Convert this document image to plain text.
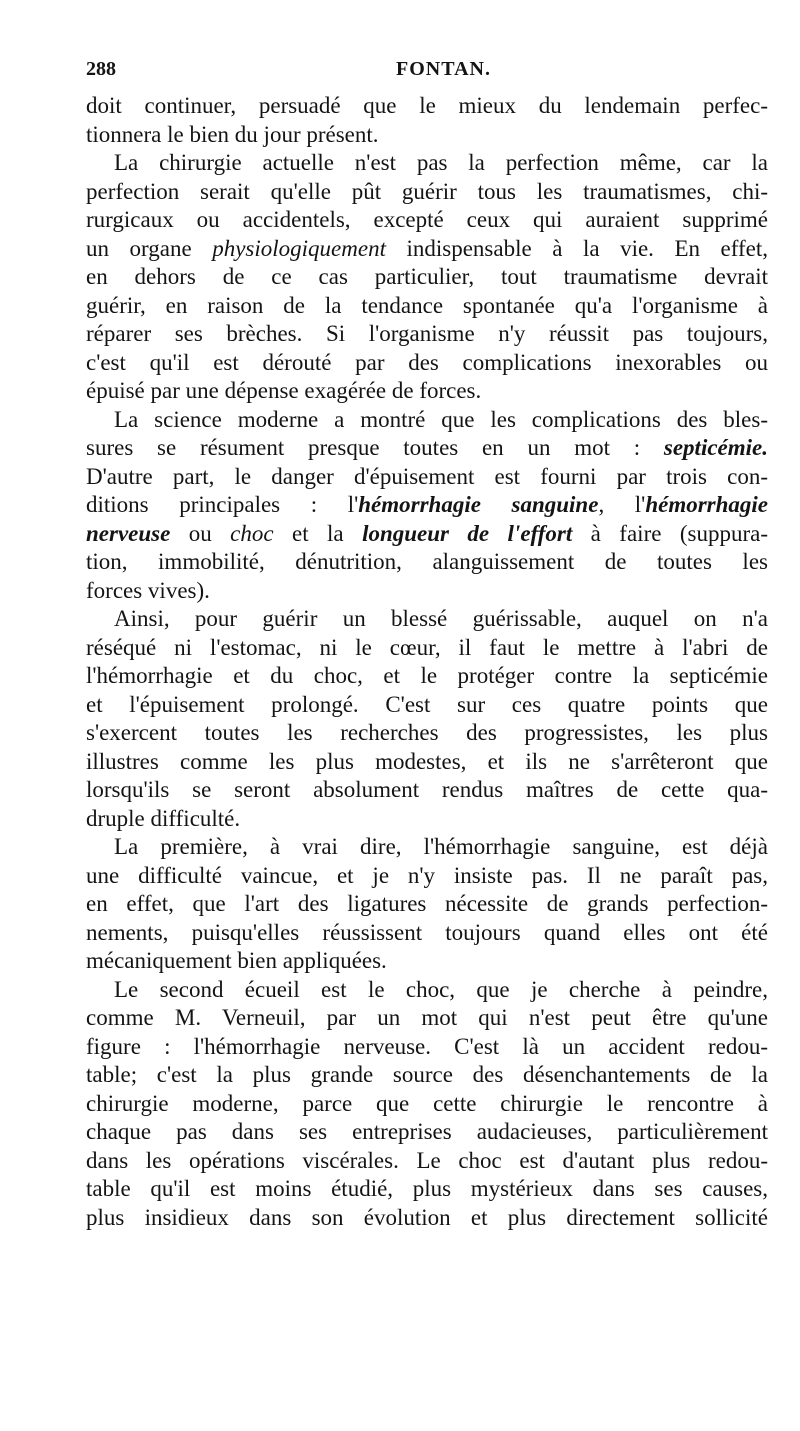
288	FONTAN.
doit continuer, persuadé que le mieux du lendemain perfec-
tionnera le bien du jour présent.
La chirurgie actuelle n'est pas la perfection même, car la
perfection serait qu'elle pût guérir tous les traumatismes, chi-
rurgicaux ou accidentels, excepté ceux qui auraient supprimé
un organe physiologiquement indispensable à la vie. En effet,
en dehors de ce cas particulier, tout traumatisme devrait
guérir, en raison de la tendance spontanée qu'a l'organisme à
réparer ses brèches. Si l'organisme n'y réussit pas toujours,
c'est qu'il est dérouté par des complications inexorables ou
épuisé par une dépense exagérée de forces.
La science moderne a montré que les complications des bles-
sures se résument presque toutes en un mot : septicémie.
D'autre part, le danger d'épuisement est fourni par trois con-
ditions principales : l'hémorrhagie sanguine, l'hémorrhagie
nerveuse ou choc et la longueur de l'effort à faire (suppura-
tion, immobilité, dénutrition, alanguissement de toutes les
forces vives).
Ainsi, pour guérir un blessé guérissable, auquel on n'a
réséqué ni l'estomac, ni le cœur, il faut le mettre à l'abri de
l'hémorrhagie et du choc, et le protéger contre la septicémie
et l'épuisement prolongé. C'est sur ces quatre points que
s'exercent toutes les recherches des progressistes, les plus
illustres comme les plus modestes, et ils ne s'arrêteront que
lorsqu'ils se seront absolument rendus maîtres de cette qua-
druple difficulté.
La première, à vrai dire, l'hémorrhagie sanguine, est déjà
une difficulté vaincue, et je n'y insiste pas. Il ne paraît pas,
en effet, que l'art des ligatures nécessite de grands perfection-
nements, puisqu'elles réussissent toujours quand elles ont été
mécaniquement bien appliquées.
Le second écueil est le choc, que je cherche à peindre,
comme M. Verneuil, par un mot qui n'est peut être qu'une
figure : l'hémorrhagie nerveuse. C'est là un accident redou-
table; c'est la plus grande source des désenchantements de la
chirurgie moderne, parce que cette chirurgie le rencontre à
chaque pas dans ses entreprises audacieuses, particulièrement
dans les opérations viscérales. Le choc est d'autant plus redou-
table qu'il est moins étudié, plus mystérieux dans ses causes,
plus insidieux dans son évolution et plus directement sollicité
